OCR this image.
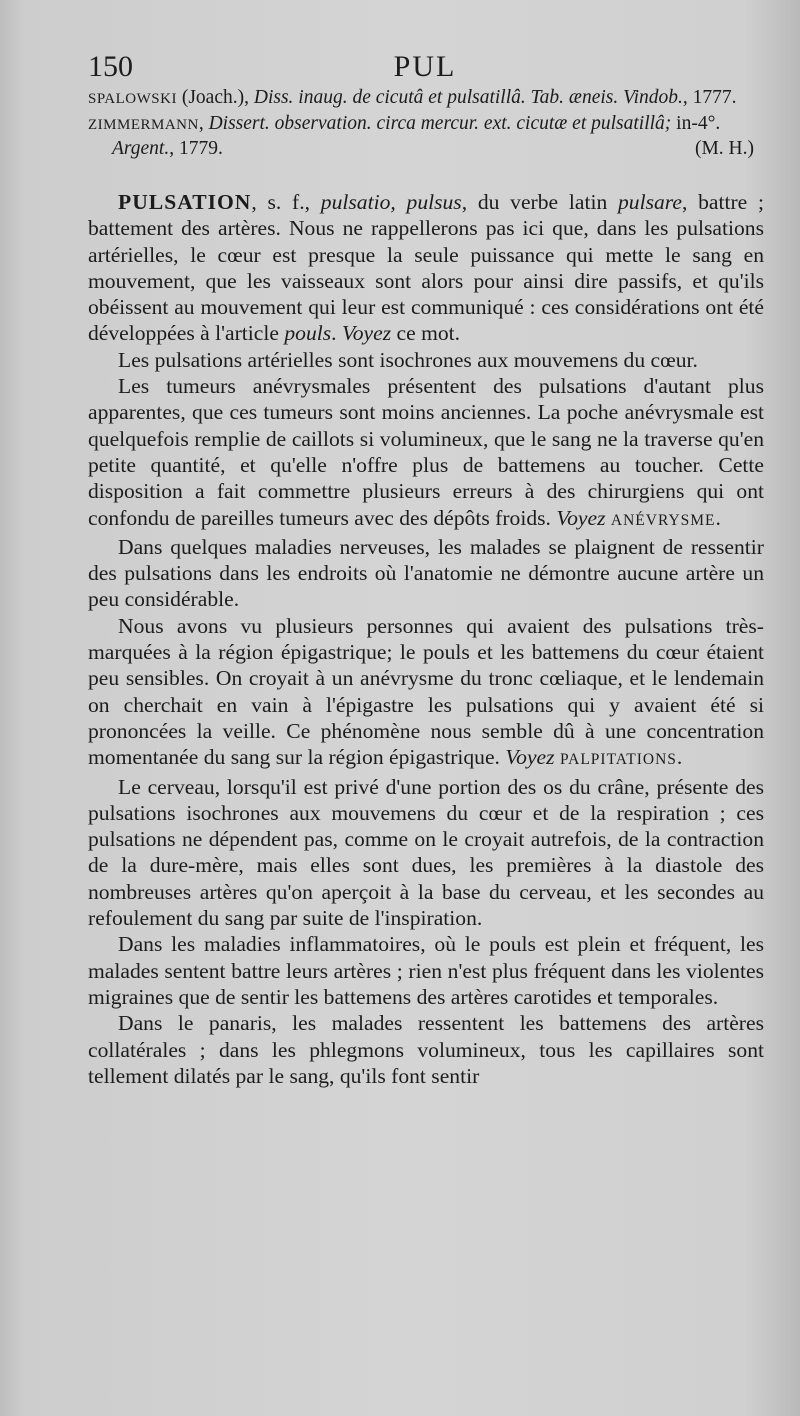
150	PUL
SPALOWSKI (Joach.), Diss. inaug. de cicutâ et pulsatillâ. Tab. æneis. Vindob., 1777.
ZIMMERMANN, Dissert. observation. circa mercur. ext. cicutæ et pulsatillâ; in-4°. Argent., 1779.	(M. H.)

PULSATION, s. f., pulsatio, pulsus, du verbe latin pulsare, battre ; battement des artères. Nous ne rappellerons pas ici que, dans les pulsations artérielles, le cœur est presque la seule puissance qui mette le sang en mouvement, que les vaisseaux sont alors pour ainsi dire passifs, et qu'ils obéissent au mouvement qui leur est communiqué : ces considérations ont été développées à l'article pouls. Voyez ce mot.

Les pulsations artérielles sont isochrones aux mouvemens du cœur.

Les tumeurs anévrysmales présentent des pulsations d'autant plus apparentes, que ces tumeurs sont moins anciennes. La poche anévrysmale est quelquefois remplie de caillots si volumineux, que le sang ne la traverse qu'en petite quantité, et qu'elle n'offre plus de battemens au toucher. Cette disposition a fait commettre plusieurs erreurs à des chirurgiens qui ont confondu de pareilles tumeurs avec des dépôts froids. Voyez ANÉVRYSME.

Dans quelques maladies nerveuses, les malades se plaignent de ressentir des pulsations dans les endroits où l'anatomie ne démontre aucune artère un peu considérable.

Nous avons vu plusieurs personnes qui avaient des pulsations très-marquées à la région épigastrique; le pouls et les battemens du cœur étaient peu sensibles. On croyait à un anévrysme du tronc cœliaque, et le lendemain on cherchait en vain à l'épigastre les pulsations qui y avaient été si prononcées la veille. Ce phénomène nous semble dû à une concentration momentanée du sang sur la région épigastrique. Voyez PALPITATIONS.

Le cerveau, lorsqu'il est privé d'une portion des os du crâne, présente des pulsations isochrones aux mouvemens du cœur et de la respiration ; ces pulsations ne dépendent pas, comme on le croyait autrefois, de la contraction de la dure-mère, mais elles sont dues, les premières à la diastole des nombreuses artères qu'on aperçoit à la base du cerveau, et les secondes au refoulement du sang par suite de l'inspiration.

Dans les maladies inflammatoires, où le pouls est plein et fréquent, les malades sentent battre leurs artères ; rien n'est plus fréquent dans les violentes migraines que de sentir les battemens des artères carotides et temporales.

Dans le panaris, les malades ressentent les battemens des artères collatérales ; dans les phlegmons volumineux, tous les capillaires sont tellement dilatés par le sang, qu'ils font sentir
